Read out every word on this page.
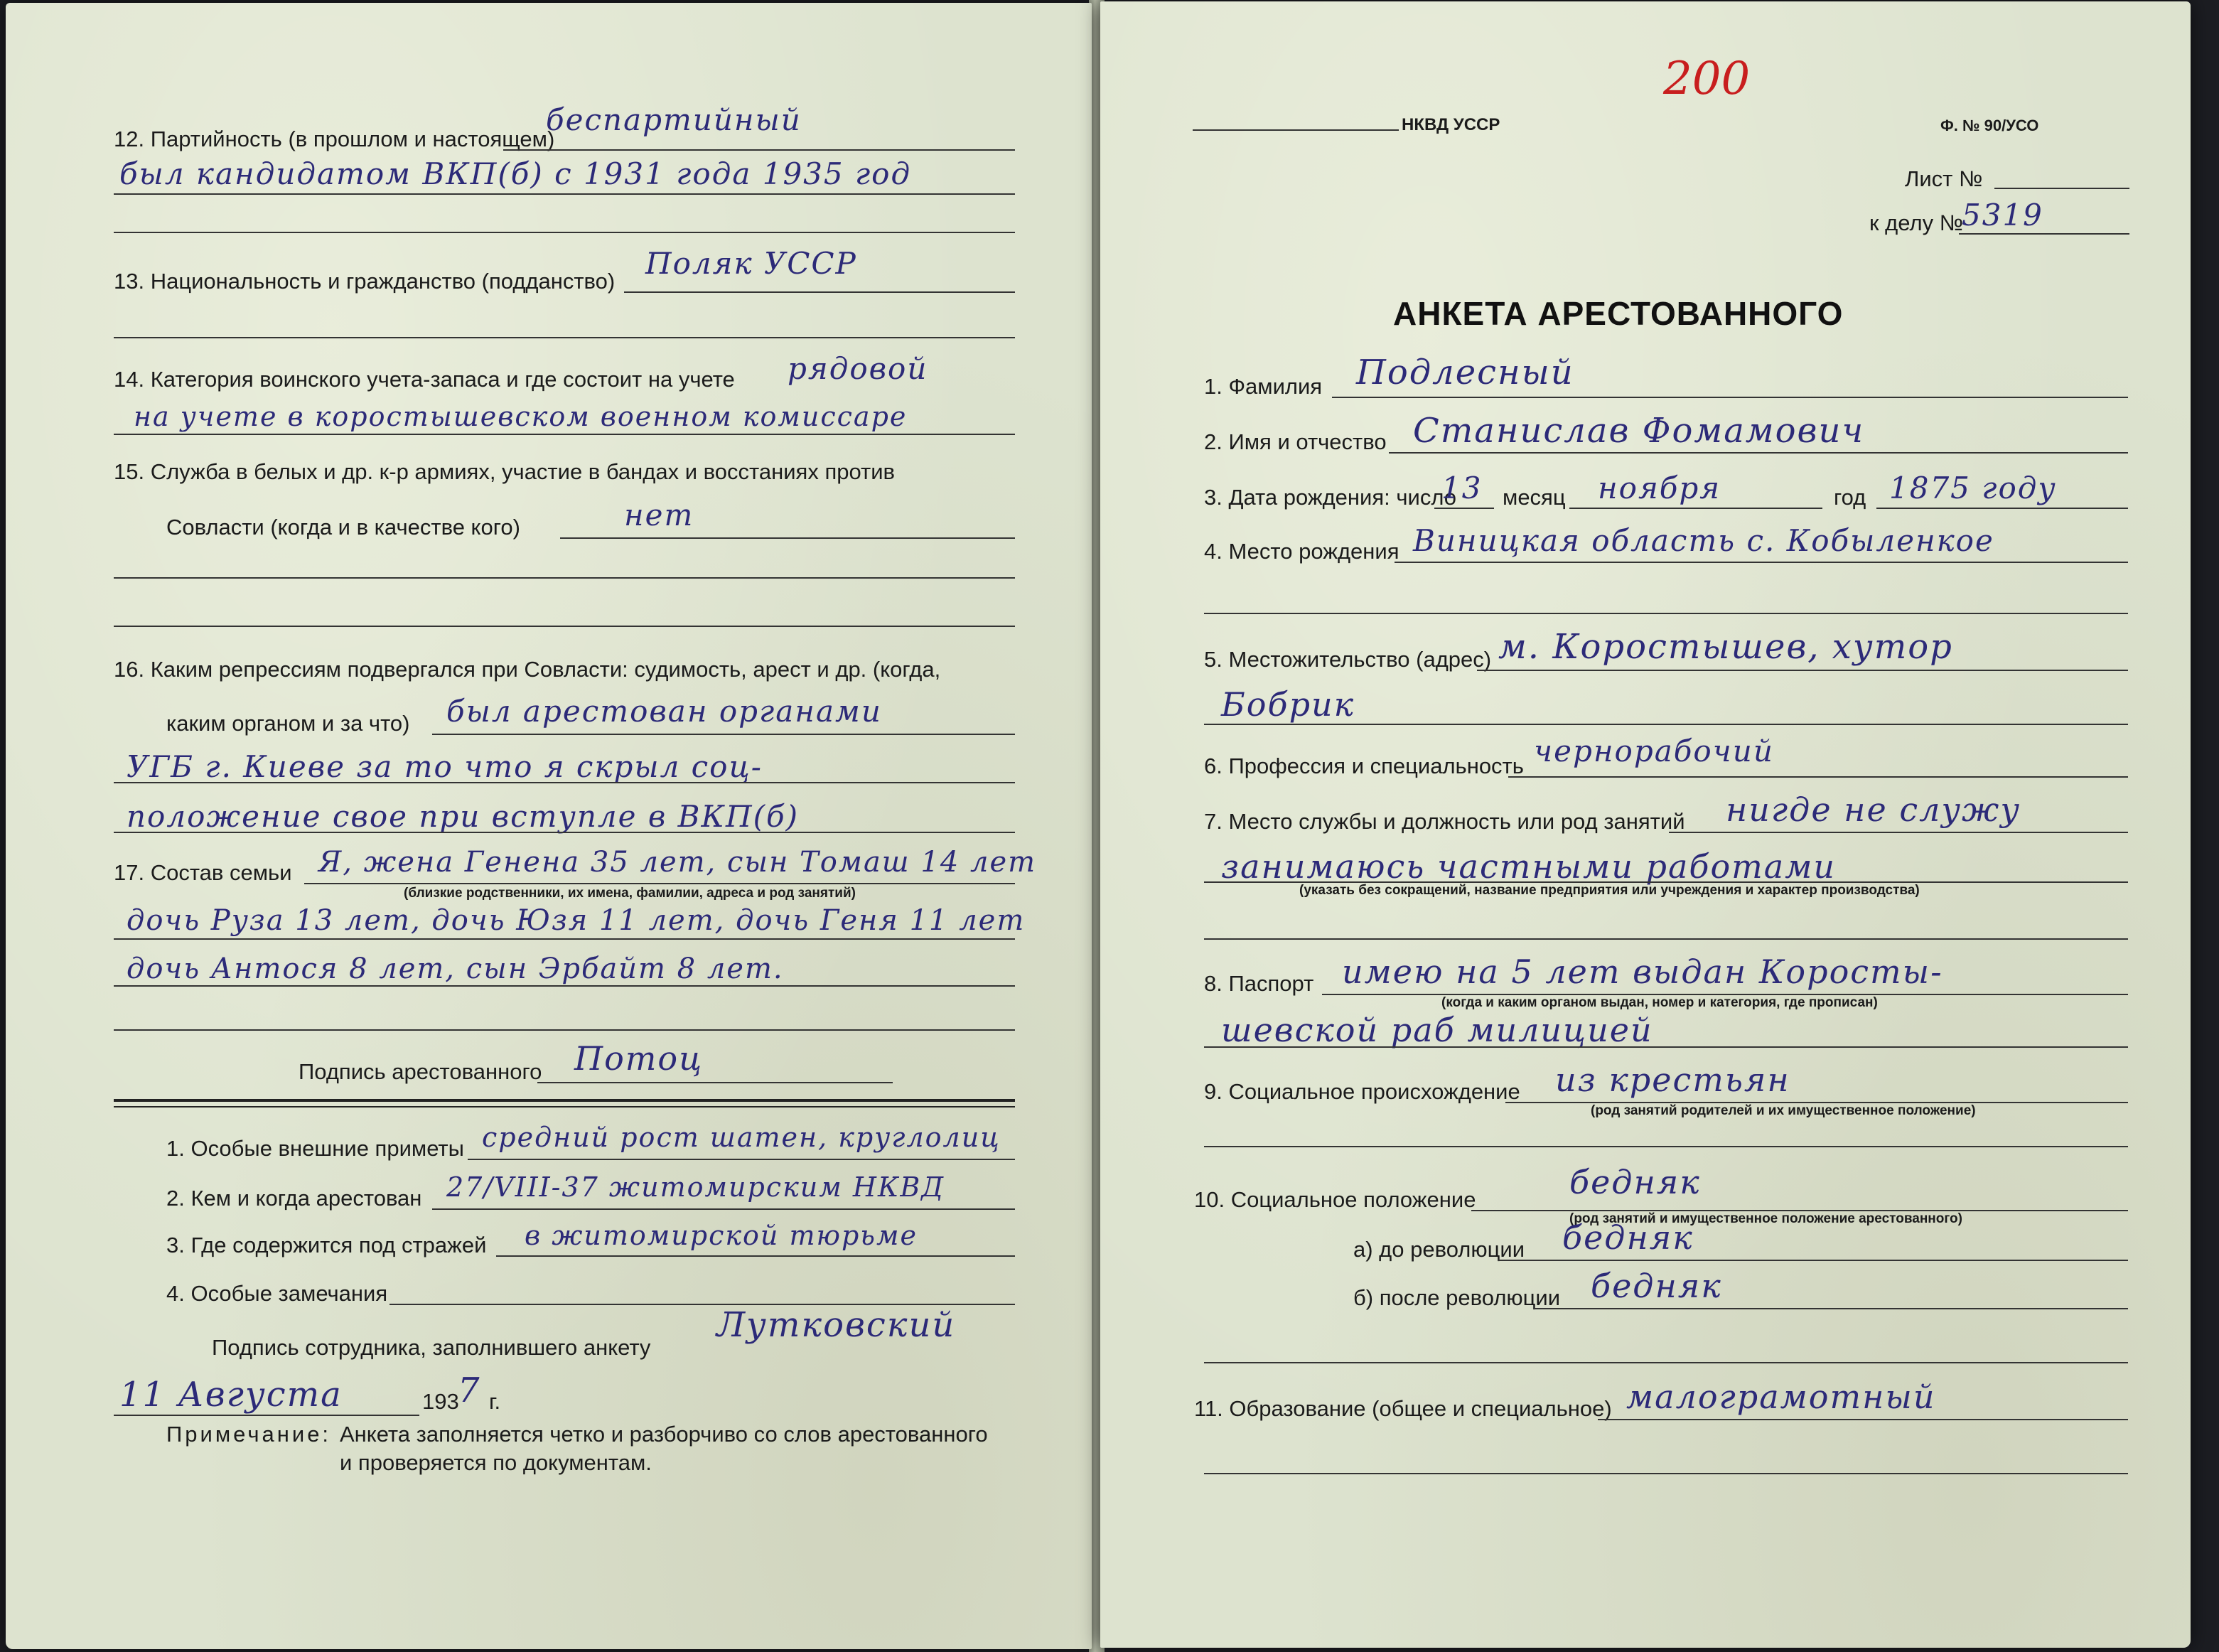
12. Партийность (в прошлом и настоящем)
беспартийный
был кандидатом ВКП(б) с 1931 года 1935 год
13. Национальность и гражданство (подданство)
Поляк УССР
14. Категория воинского учета-запаса и где состоит на учете рядовой
на учете в коростышевском военном комиссаре
15. Служба в белых и др. к-р армиях, участие в бандах и восстаниях против
Совласти (когда и в качестве кого)	нет
16. Каким репрессиям подвергался при Совласти: судимость, арест и др. (когда,
каким органом и за что) был арестован органами
УГБ г. Киеве за то что я скрыл соц-
положение свое при вступле в ВКП(б)
17. Состав семьи Я, жена Генена 35 лет, сын Томаш 14 лет
(близкие родственники, их имена, фамилии, адреса и род занятий)
дочь Руза 13 лет, дочь Юзя 11 лет, дочь Геня 11 лет
дочь Антося 8 лет, сын Эрбайт 8 лет.
Подпись арестованного Потоц
1. Особые внешние приметы средний рост шатен, круглолиц
2. Кем и когда арестован 27/VIII-37 житомирским НКВД
3. Где содержится под стражей в житомирской тюрьме
4. Особые замечания
Подпись сотрудника, заполнившего анкету
Лутковский
11 Августа	193
7 г.
Примечание: Анкета заполняется четко и разборчиво со слов арестованного
и проверяется по документам.
200
НКВД УССР	Ф. № 90/УСО
Лист №
к делу №
5319
АНКЕТА АРЕСТОВАННОГО
1. Фамилия Подлесный
2. Имя и отчество Станислав Фомамович
3. Дата рождения: число
13 месяц ноября	год 1875 году
4. Место рождения Виницкая область с. Кобыленкое
5. Местожительство (адрес) м. Коростышев, хутор
Бобрик
6. Профессия и специальность чернорабочий
7. Место службы и должность или род занятий нигде не служу
занимаюсь частными работами
(указать без сокращений, название предприятия или учреждения и характер производства)
8. Паспорт имею на 5 лет выдан Коросты-
(когда и каким органом выдан, номер и категория, где прописан)
шевской раб милицией
9. Социальное происхождение из крестьян
(род занятий родителей и их имущественное положение)
10. Социальное положение	бедняк
(род занятий и имущественное положение арестованного)
а) до революции бедняк
б) после революции бедняк
11. Образование (общее и специальное) малограмотный
